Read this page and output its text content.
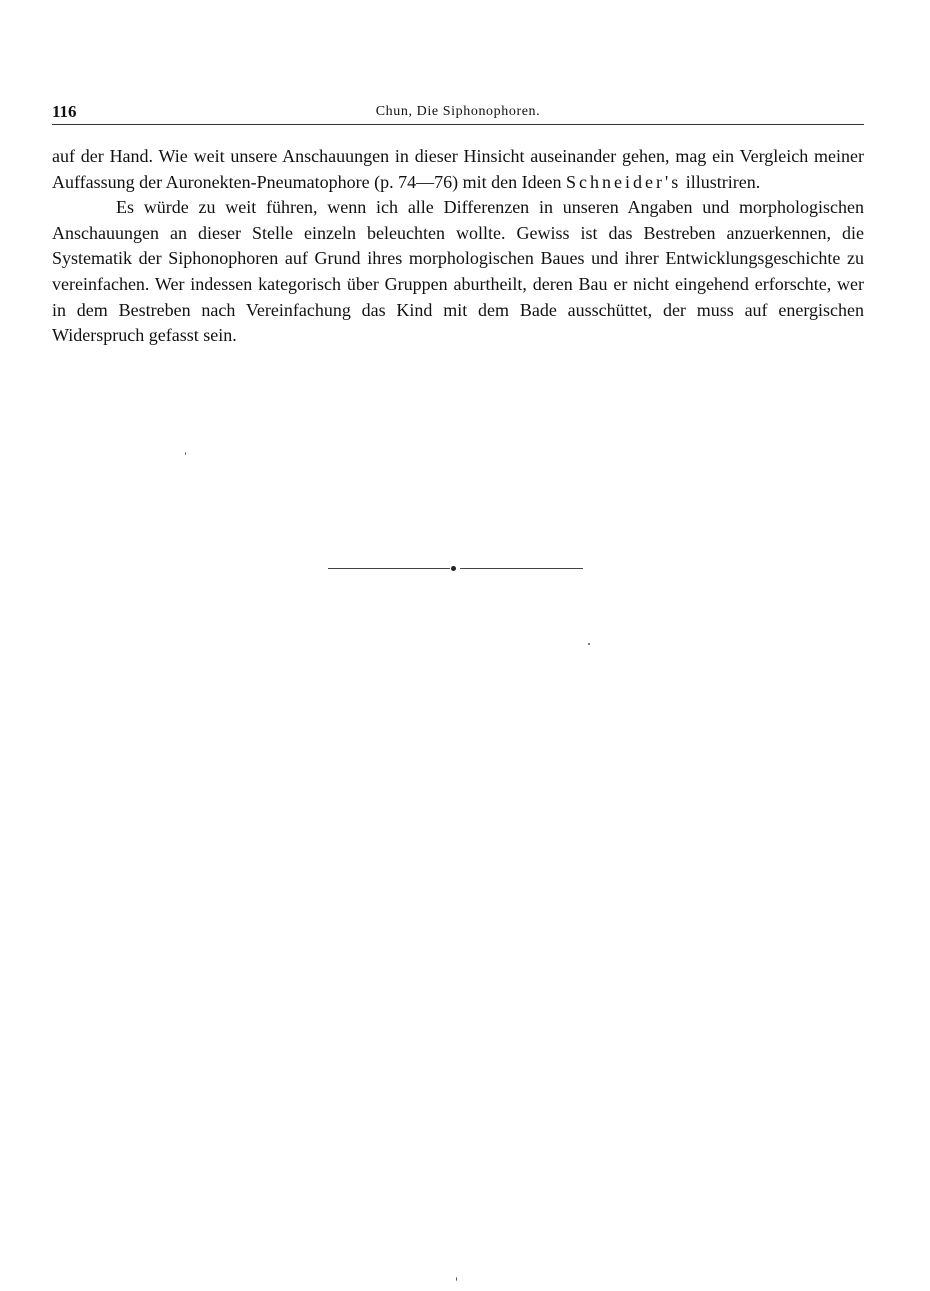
116	Chun, Die Siphonophoren.

auf der Hand. Wie weit unsere Anschauungen in dieser Hinsicht auseinander gehen, mag ein Vergleich meiner Auffassung der Auronekten-Pneumatophore (p. 74—76) mit den Ideen Schneider's illustriren.

Es würde zu weit führen, wenn ich alle Differenzen in unseren Angaben und morphologischen Anschauungen an dieser Stelle einzeln beleuchten wollte. Gewiss ist das Bestreben anzuerkennen, die Systematik der Siphonophoren auf Grund ihres morphologischen Baues und ihrer Entwicklungsgeschichte zu vereinfachen. Wer indessen kategorisch über Gruppen aburtheilt, deren Bau er nicht eingehend erforschte, wer in dem Bestreben nach Vereinfachung das Kind mit dem Bade ausschüttet, der muss auf energischen Widerspruch gefasst sein.
